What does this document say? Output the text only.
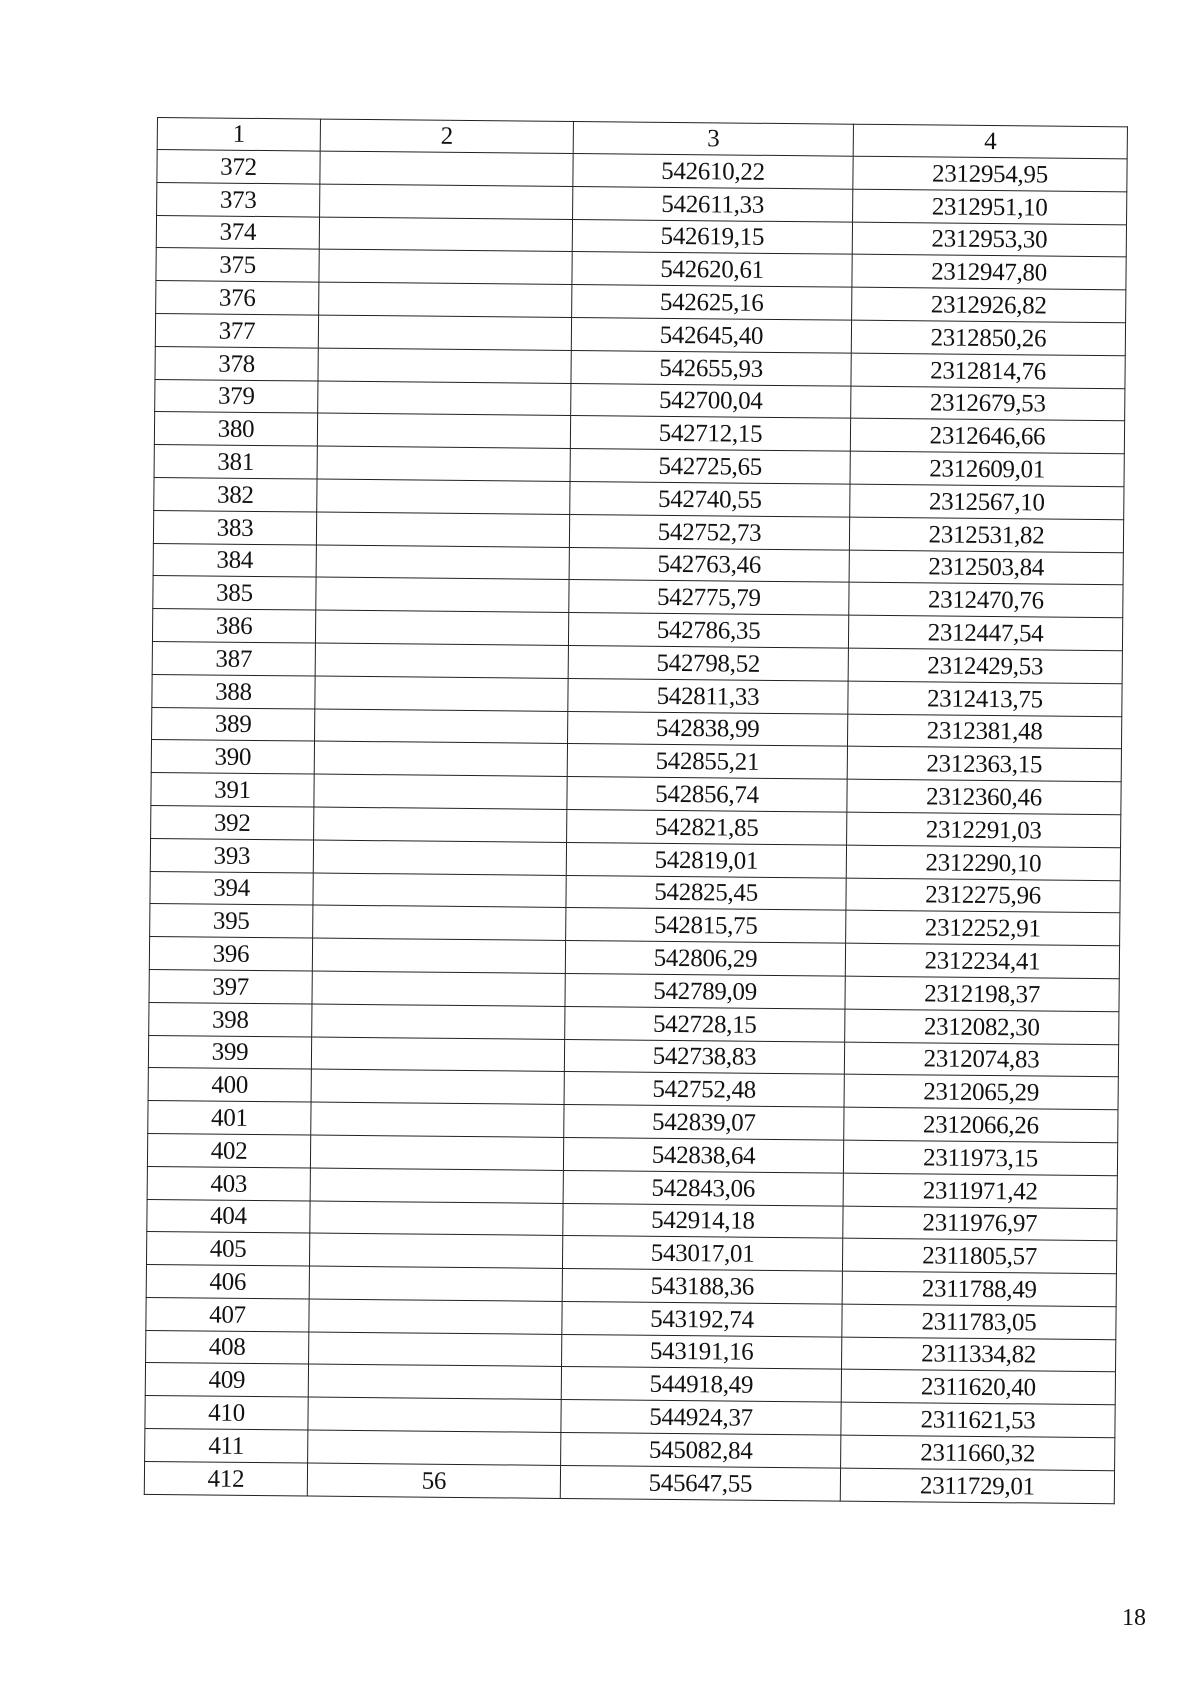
1	2	3	4
372		542610,22	2312954,95
373		542611,33	2312951,10
374		542619,15	2312953,30
375		542620,61	2312947,80
376		542625,16	2312926,82
377		542645,40	2312850,26
378		542655,93	2312814,76
379		542700,04	2312679,53
380		542712,15	2312646,66
381		542725,65	2312609,01
382		542740,55	2312567,10
383		542752,73	2312531,82
384		542763,46	2312503,84
385		542775,79	2312470,76
386		542786,35	2312447,54
387		542798,52	2312429,53
388		542811,33	2312413,75
389		542838,99	2312381,48
390		542855,21	2312363,15
391		542856,74	2312360,46
392		542821,85	2312291,03
393		542819,01	2312290,10
394		542825,45	2312275,96
395		542815,75	2312252,91
396		542806,29	2312234,41
397		542789,09	2312198,37
398		542728,15	2312082,30
399		542738,83	2312074,83
400		542752,48	2312065,29
401		542839,07	2312066,26
402		542838,64	2311973,15
403		542843,06	2311971,42
404		542914,18	2311976,97
405		543017,01	2311805,57
406		543188,36	2311788,49
407		543192,74	2311783,05
408		543191,16	2311334,82
409		544918,49	2311620,40
410		544924,37	2311621,53
411		545082,84	2311660,32
412	56	545647,55	2311729,01
18
